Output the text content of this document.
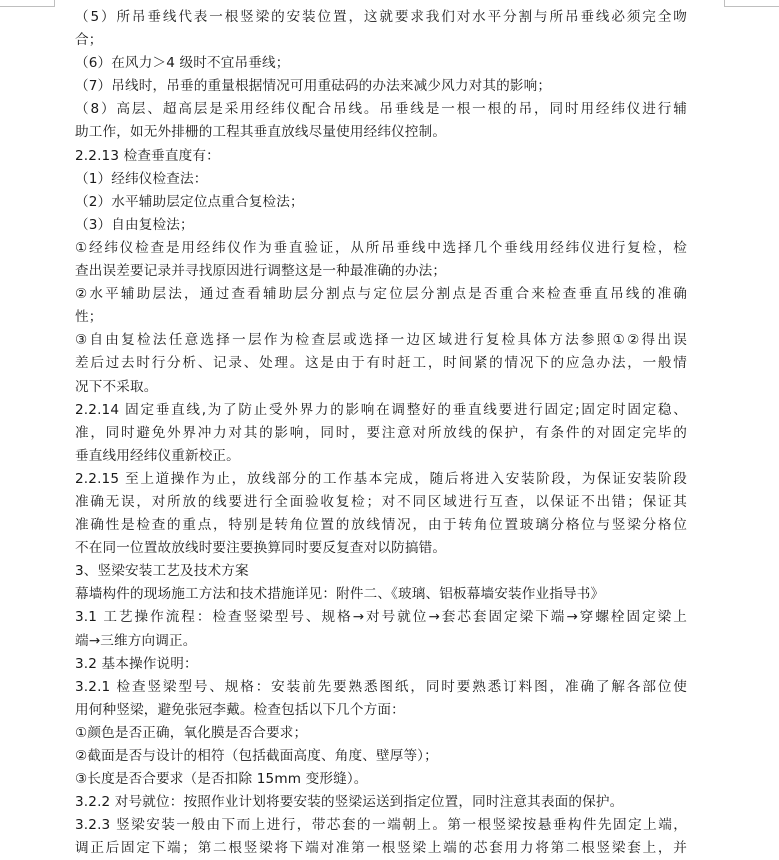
（5）所吊垂线代表一根竖梁的安装位置，这就要求我们对水平分割与所吊垂线必须完全吻
合；
（6）在风力＞4 级时不宜吊垂线；
（7）吊线时，吊垂的重量根据情况可用重砝码的办法来减少风力对其的影响；
（8）高层、超高层是采用经纬仪配合吊线。吊垂线是一根一根的吊，同时用经纬仪进行辅
助工作，如无外排栅的工程其垂直放线尽量使用经纬仪控制。
2.2.13 检查垂直度有：
（1）经纬仪检查法：
（2）水平辅助层定位点重合复检法；
（3）自由复检法；
①经纬仪检查是用经纬仪作为垂直验证，从所吊垂线中选择几个垂线用经纬仪进行复检，检
查出误差要记录并寻找原因进行调整这是一种最准确的办法；
②水平辅助层法，通过查看辅助层分割点与定位层分割点是否重合来检查垂直吊线的准确
性；
③自由复检法任意选择一层作为检查层或选择一边区域进行复检具体方法参照①②得出误
差后过去时行分析、记录、处理。这是由于有时赶工，时间紧的情况下的应急办法，一般情
况下不采取。
2.2.14 固定垂直线,为了防止受外界力的影响在调整好的垂直线要进行固定;固定时固定稳、
准，同时避免外界冲力对其的影响，同时，要注意对所放线的保护，有条件的对固定完毕的
垂直线用经纬仪重新校正。
2.2.15 至上道操作为止，放线部分的工作基本完成，随后将进入安装阶段，为保证安装阶段
准确无误，对所放的线要进行全面验收复检；对不同区域进行互查，以保证不出错；保证其
准确性是检查的重点，特别是转角位置的放线情况，由于转角位置玻璃分格位与竖梁分格位
不在同一位置故放线时要注要换算同时要反复查对以防搞错。
3、竖梁安装工艺及技术方案
幕墙构件的现场施工方法和技术措施详见：附件二、《玻璃、铝板幕墙安装作业指导书》
3.1 工艺操作流程：检查竖梁型号、规格→对号就位→套芯套固定梁下端→穿螺栓固定梁上
端→三维方向调正。
3.2 基本操作说明：
3.2.1 检查竖梁型号、规格：安装前先要熟悉图纸，同时要熟悉订料图，准确了解各部位使
用何种竖梁，避免张冠李戴。检查包括以下几个方面：
①颜色是否正确，氧化膜是否合要求；
②截面是否与设计的相符（包括截面高度、角度、壁厚等）；
③长度是否合要求（是否扣除 15mm 变形缝）。
3.2.2 对号就位：按照作业计划将要安装的竖梁运送到指定位置，同时注意其表面的保护。
3.2.3 竖梁安装一般由下而上进行，带芯套的一端朝上。第一根竖梁按悬垂构件先固定上端，
调正后固定下端；第二根竖梁将下端对准第一根竖梁上端的芯套用力将第二根竖梁套上，并
